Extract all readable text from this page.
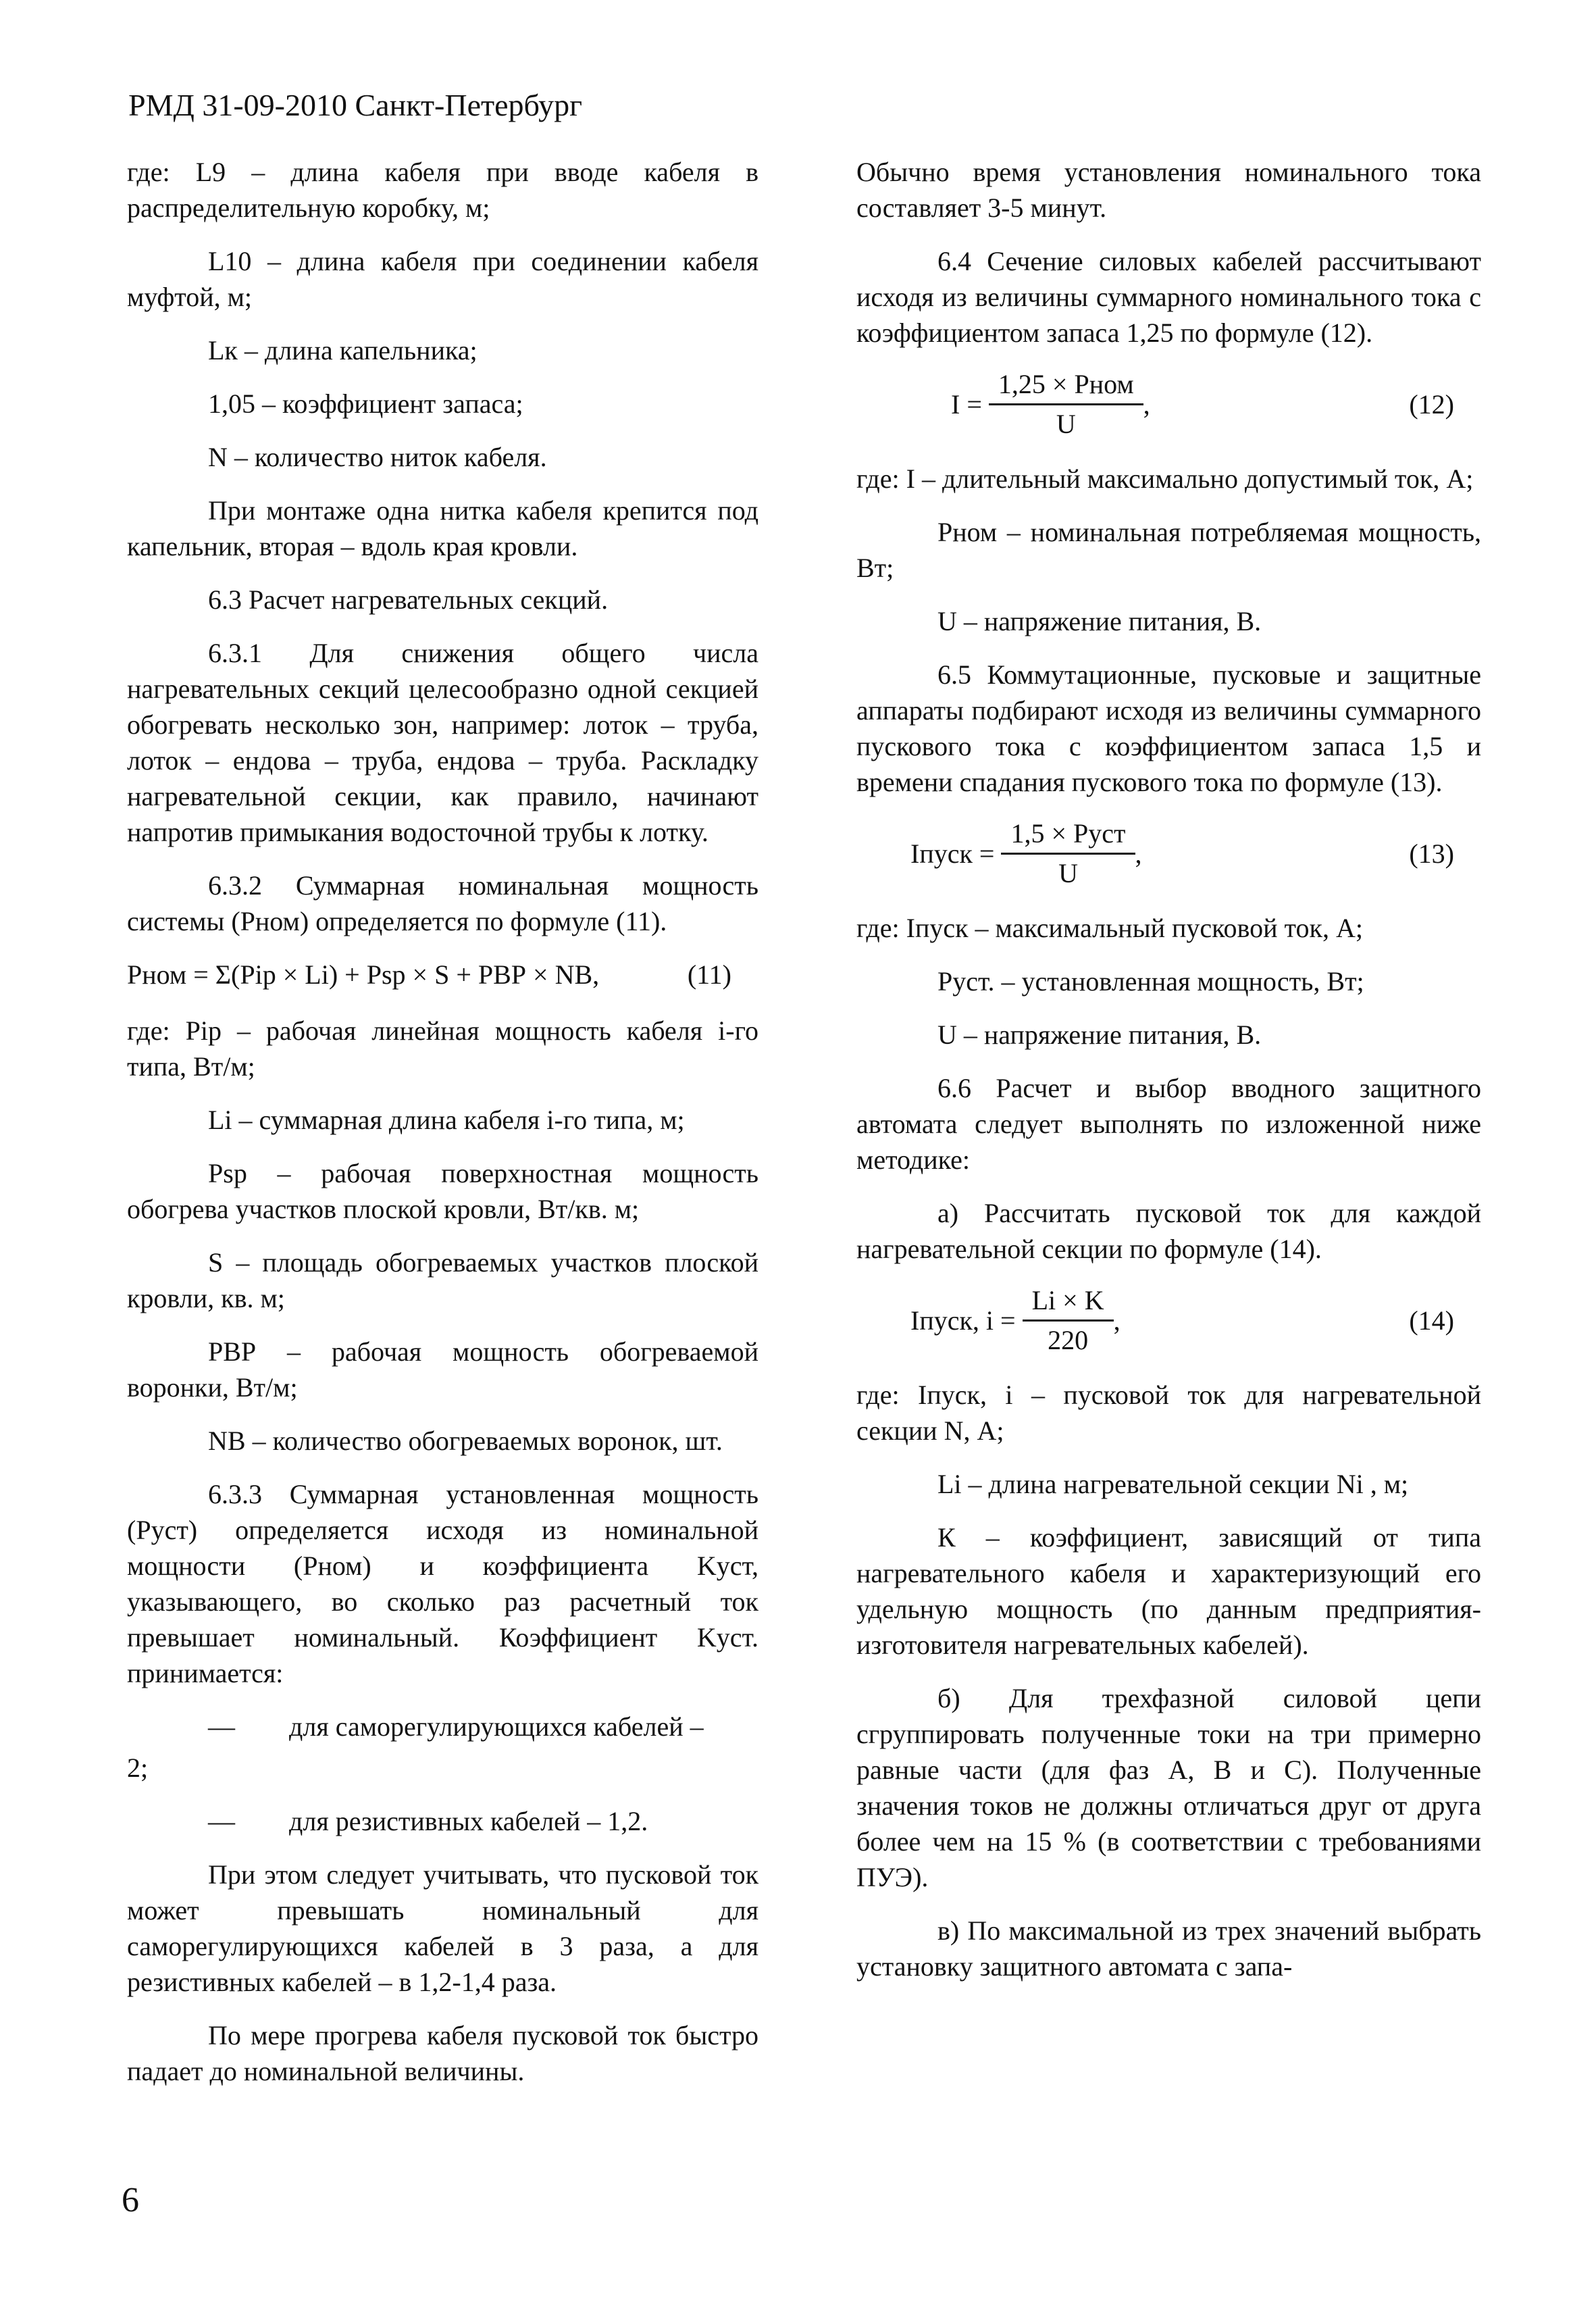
РМД 31-09-2010 Санкт-Петербург

где: L9 – длина кабеля при вводе кабеля в распределительную коробку, м;

L10 – длина кабеля при соединении кабеля муфтой, м;

Lк – длина капельника;

1,05 – коэффициент запаса;

N – количество ниток кабеля.

При монтаже одна нитка кабеля крепится под капельник, вторая – вдоль края кровли.

6.3 Расчет нагревательных секций.

6.3.1 Для снижения общего числа нагревательных секций целесообразно одной секцией обогревать несколько зон, например: лоток – труба, лоток – ендова – труба, ендова – труба. Раскладку нагревательной секции, как правило, начинают напротив примыкания водосточной трубы к лотку.

6.3.2 Суммарная номинальная мощность системы (Pном) определяется по формуле (11).

Pном = Σ(Piр × Li) + Psр × S + PВР × NВ,	(11)

где: Piр – рабочая линейная мощность кабеля i-го типа, Вт/м;

Li – суммарная длина кабеля i-го типа, м;

Psр – рабочая поверхностная мощность обогрева участков плоской кровли, Вт/кв. м;

S – площадь обогреваемых участков плоской кровли, кв. м;

PВР – рабочая мощность обогреваемой воронки, Вт/м;

NВ – количество обогреваемых воронок, шт.

6.3.3 Суммарная установленная мощность (Pуст) определяется исходя из номинальной мощности (Pном) и коэффициента Kуст, указывающего, во сколько раз расчетный ток превышает номинальный. Коэффициент Kуст. принимается:

—	для саморегулирующихся кабелей –

2;

—	для резистивных кабелей – 1,2.

При этом следует учитывать, что пусковой ток может превышать номинальный для саморегулирующихся кабелей в 3 раза, а для резистивных кабелей – в 1,2-1,4 раза.

По мере прогрева кабеля пусковой ток быстро падает до номинальной величины.

Обычно время установления номинального тока составляет 3-5 минут.

6.4 Сечение силовых кабелей рассчитывают исходя из величины суммарного номинального тока с коэффициентом запаса 1,25 по формуле (12).

$I = \frac{\text{1,25 × Pном}}{U}$ ,	(12)

где: I – длительный максимально допустимый ток, А;

Pном – номинальная потребляемая мощность, Вт;

U – напряжение питания, В.

6.5 Коммутационные, пусковые и защитные аппараты подбирают исходя из величины суммарного пускового тока с коэффициентом запаса 1,5 и времени спадания пускового тока по формуле (13).

Iпуск = $\frac{\text{1,5 × Pуст}}{U}$ ,	(13)

где: Iпуск – максимальный пусковой ток, А;

Pуст. – установленная мощность, Вт;

U – напряжение питания, В.

6.6 Расчет и выбор вводного защитного автомата следует выполнять по изложенной ниже методике:

а) Рассчитать пусковой ток для каждой нагревательной секции по формуле (14).

Iпуск, $i = \frac{Li \times K}{220}$ ,	(14)

где: Iпуск, i – пусковой ток для нагревательной секции N, А;

Li – длина нагревательной секции Ni , м;

К – коэффициент, зависящий от типа нагревательного кабеля и характеризующий его удельную мощность (по данным предприятия-изготовителя нагревательных кабелей).

б) Для трехфазной силовой цепи сгруппировать полученные токи на три примерно равные части (для фаз А, В и С). Полученные значения токов не должны отличаться друг от друга более чем на 15 % (в соответствии с требованиями ПУЭ).

в) По максимальной из трех значений выбрать установку защитного автомата с запа-

6
